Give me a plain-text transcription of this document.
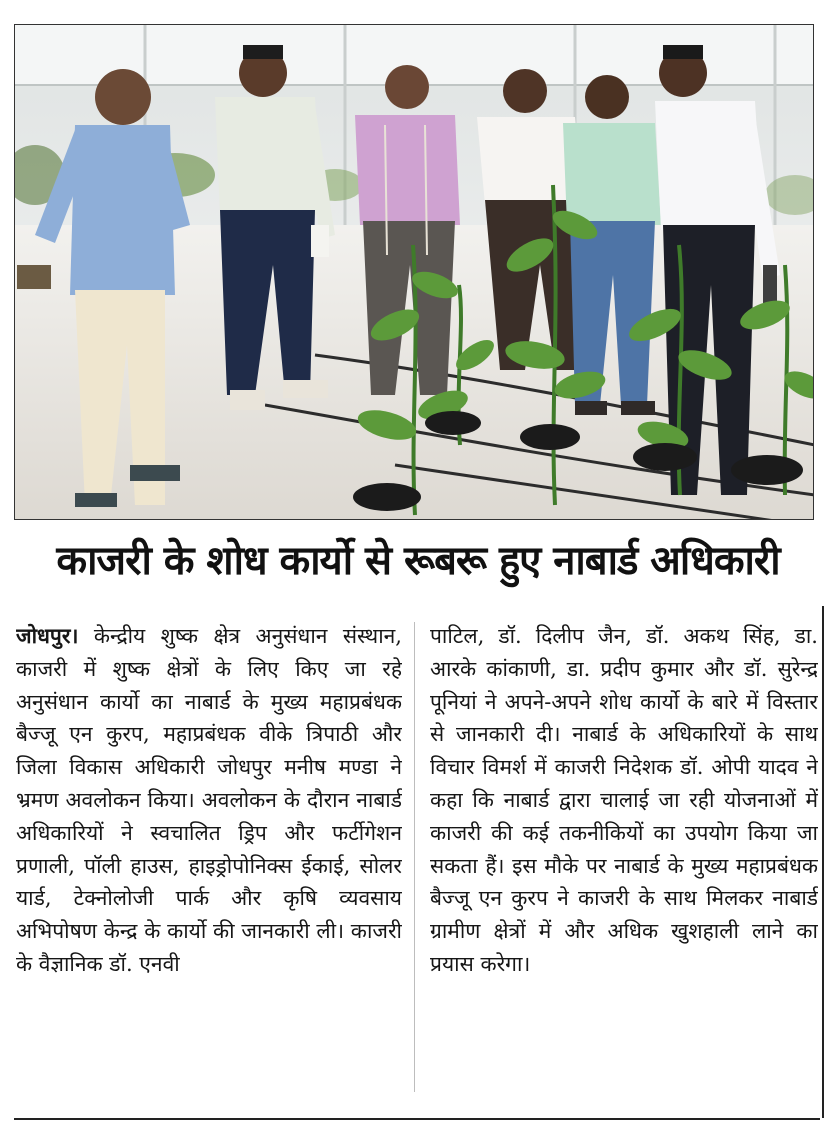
काजरी के शोध कार्यो से रूबरू हुए नाबार्ड अधिकारी
जोधपुर। केन्द्रीय शुष्क क्षेत्र अनुसंधान संस्थान, काजरी में शुष्क क्षेत्रों के लिए किए जा रहे अनुसंधान कार्यो का नाबार्ड के मुख्य महाप्रबंधक बैज्जू एन कुरप, महाप्रबंधक वीके त्रिपाठी और जिला विकास अधिकारी जोधपुर मनीष मण्डा ने भ्रमण अवलोकन किया। अवलोकन के दौरान नाबार्ड अधिकारियों ने स्वचालित ड्रिप और फर्टीगेशन प्रणाली, पॉली हाउस, हाइड्रोपोनिक्स ईकाई, सोलर यार्ड, टेक्नोलोजी पार्क और कृषि व्यवसाय अभिपोषण केन्द्र के कार्यो की जानकारी ली। काजरी के वैज्ञानिक डॉ. एनवी
पाटिल, डॉ. दिलीप जैन, डॉ. अकथ सिंह, डा. आरके कांकाणी, डा. प्रदीप कुमार और डॉ. सुरेन्द्र पूनियां ने अपने-अपने शोध कार्यो के बारे में विस्तार से जानकारी दी। नाबार्ड के अधिकारियों के साथ विचार विमर्श में काजरी निदेशक डॉ. ओपी यादव ने कहा कि नाबार्ड द्वारा चालाई जा रही योजनाओं में काजरी की कई तकनीकियों का उपयोग किया जा सकता हैं। इस मौके पर नाबार्ड के मुख्य महाप्रबंधक बैज्जू एन कुरप ने काजरी के साथ मिलकर नाबार्ड ग्रामीण क्षेत्रों में और अधिक खुशहाली लाने का प्रयास करेगा।
